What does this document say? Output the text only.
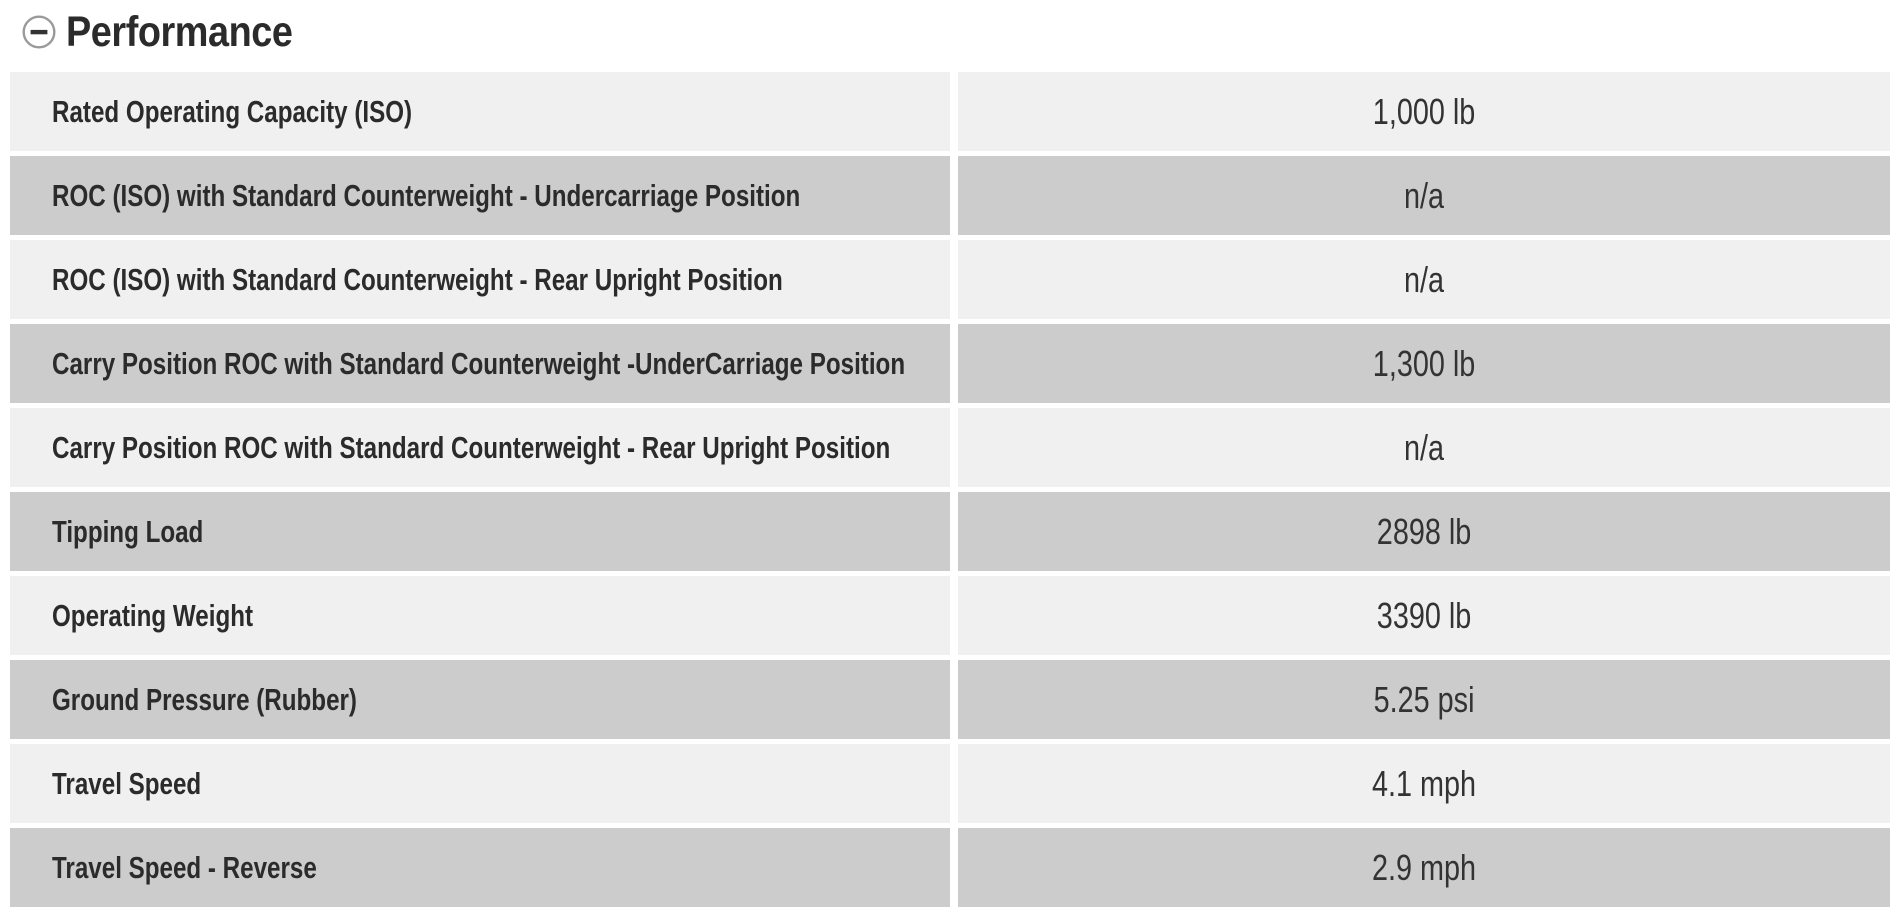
Performance
Rated Operating Capacity (ISO)	1,000 lb
ROC (ISO) with Standard Counterweight - Undercarriage Position	n/a
ROC (ISO) with Standard Counterweight - Rear Upright Position	n/a
Carry Position ROC with Standard Counterweight -UnderCarriage Position	1,300 lb
Carry Position ROC with Standard Counterweight - Rear Upright Position	n/a
Tipping Load	2898 lb
Operating Weight	3390 lb
Ground Pressure (Rubber)	5.25 psi
Travel Speed	4.1 mph
Travel Speed - Reverse	2.9 mph
